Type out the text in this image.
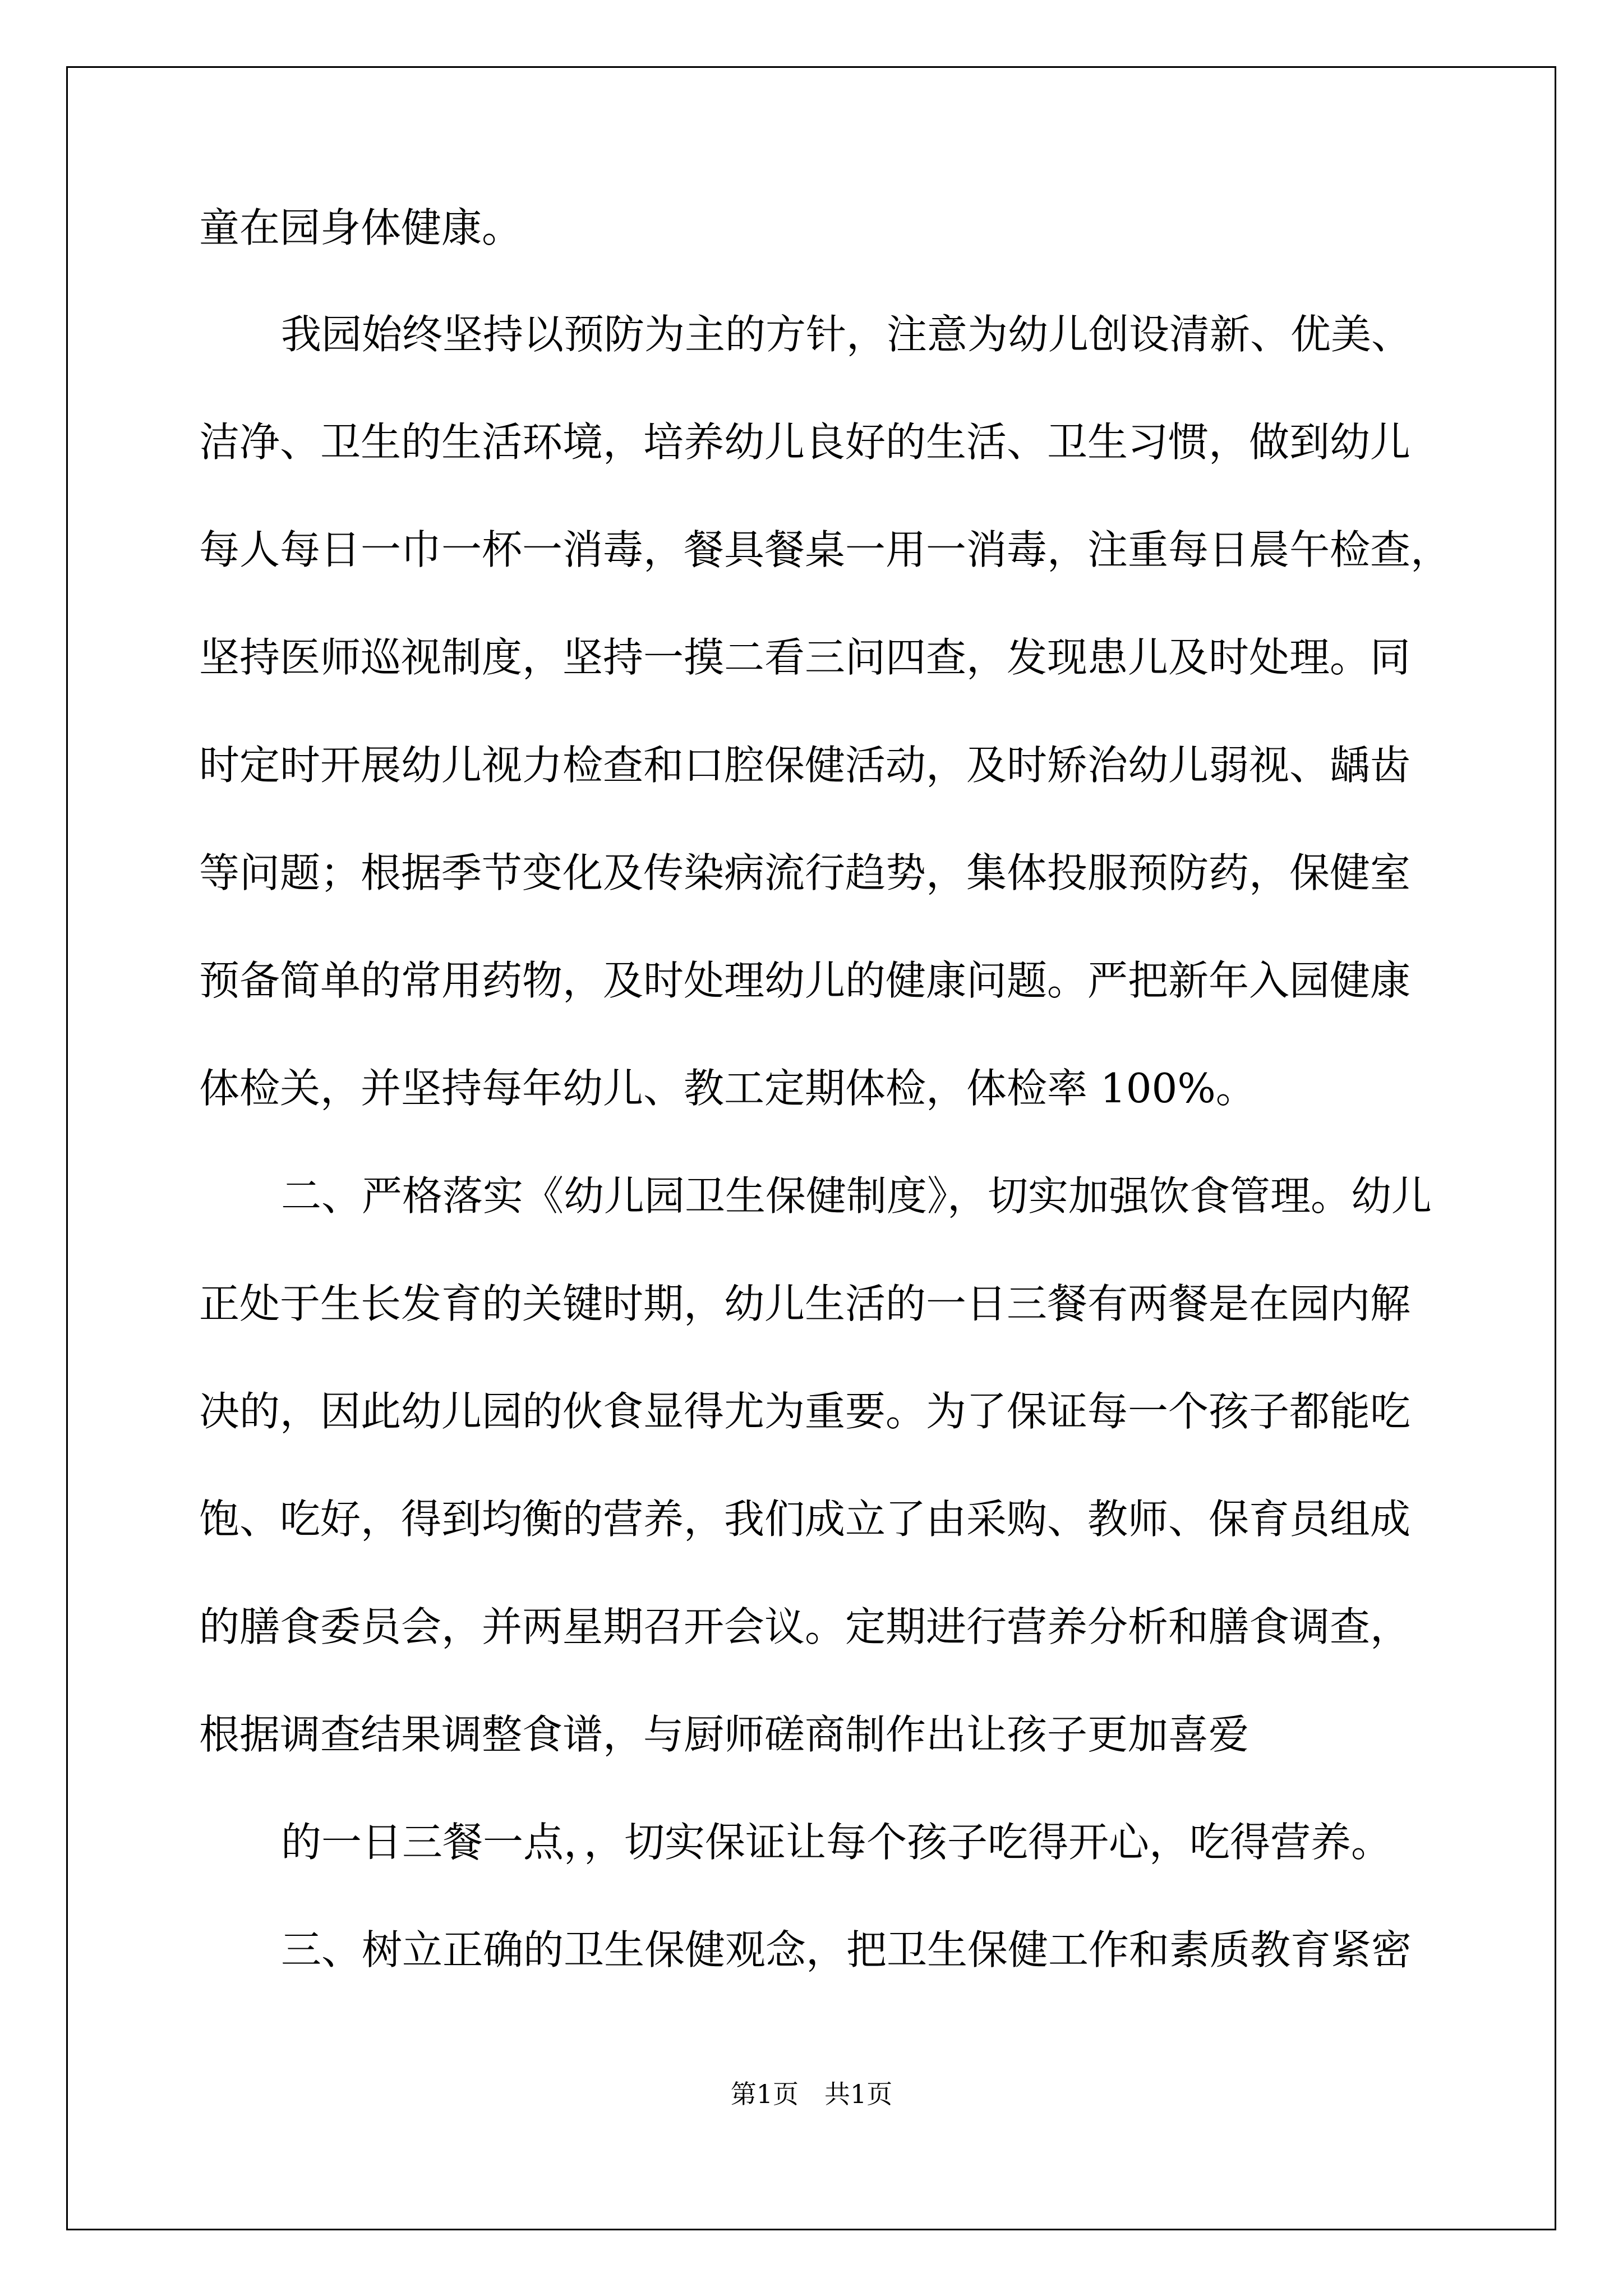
童在园身体健康。
我园始终坚持以预防为主的方针，注意为幼儿创设清新、优美、
洁净、卫生的生活环境，培养幼儿良好的生活、卫生习惯，做到幼儿
每人每日一巾一杯一消毒，餐具餐桌一用一消毒，注重每日晨午检查，
坚持医师巡视制度，坚持一摸二看三问四查，发现患儿及时处理。同
时定时开展幼儿视力检查和口腔保健活动，及时矫治幼儿弱视、龋齿
等问题；根据季节变化及传染病流行趋势，集体投服预防药，保健室
预备简单的常用药物，及时处理幼儿的健康问题。严把新年入园健康
体检关，并坚持每年幼儿、教工定期体检，体检率 100%。
二、严格落实《幼儿园卫生保健制度》，切实加强饮食管理。幼儿
正处于生长发育的关键时期，幼儿生活的一日三餐有两餐是在园内解
决的，因此幼儿园的伙食显得尤为重要。为了保证每一个孩子都能吃
饱、吃好，得到均衡的营养，我们成立了由采购、教师、保育员组成
的膳食委员会，并两星期召开会议。定期进行营养分析和膳食调查，
根据调查结果调整食谱，与厨师磋商制作出让孩子更加喜爱
的一日三餐一点，，切实保证让每个孩子吃得开心，吃得营养。
三、树立正确的卫生保健观念，把卫生保健工作和素质教育紧密
第1页　共1页
